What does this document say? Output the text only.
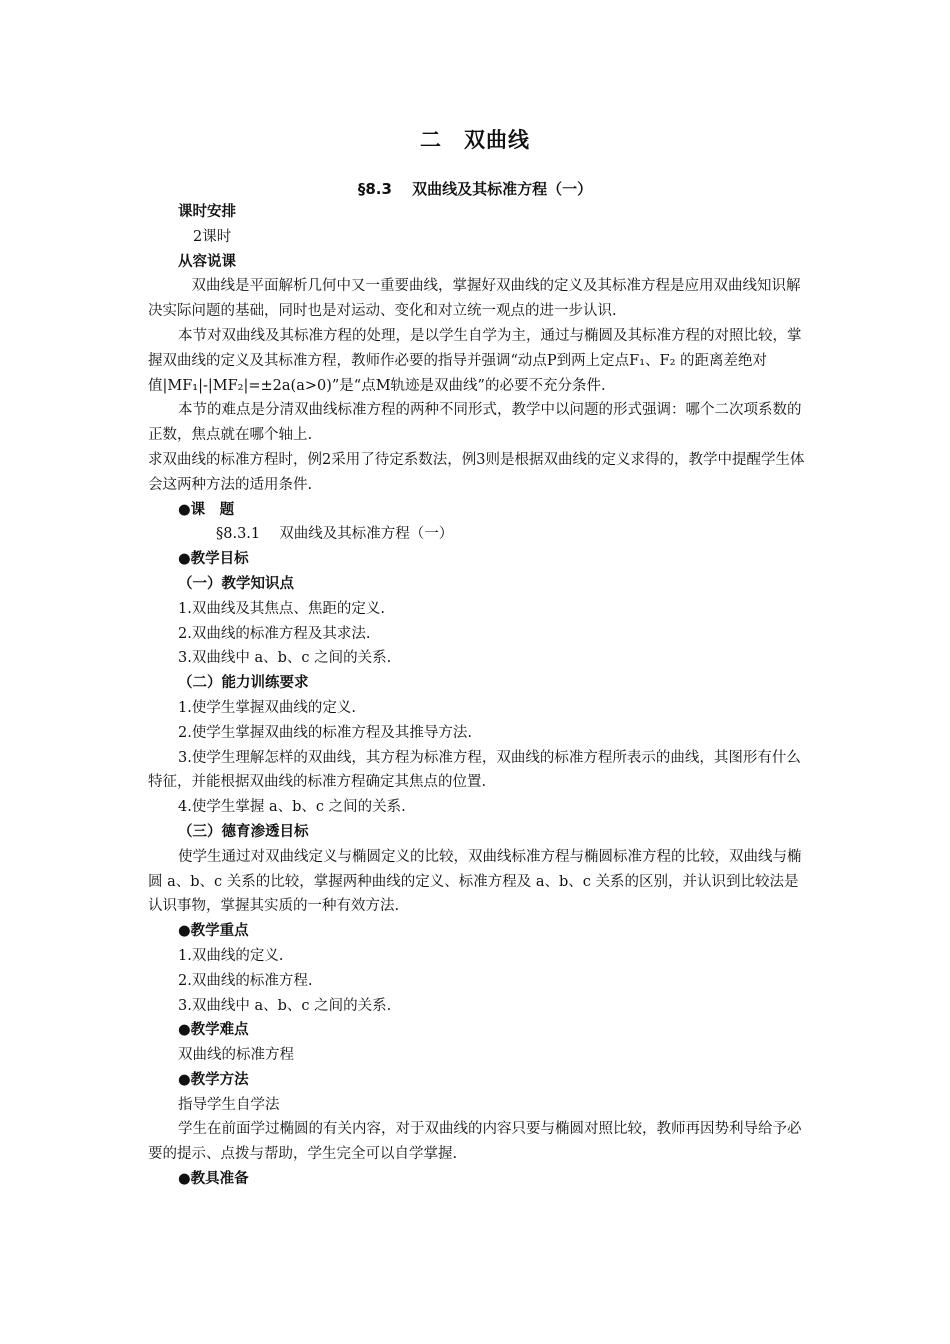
二　双曲线
§8.3　 双曲线及其标准方程（一）

课时安排

2课时

从容说课

　　　双曲线是平面解析几何中又一重要曲线，掌握好双曲线的定义及其标准方程是应用双曲线知识解决实际问题的基础，同时也是对运动、变化和对立统一观点的进一步认识.

本节对双曲线及其标准方程的处理，是以学生自学为主，通过与椭圆及其标准方程的对照比较，掌握双曲线的定义及其标准方程，教师作必要的指导并强调“动点P到两上定点F₁、F₂ 的距离差绝对值|MF₁|-|MF₂|=±2a(a>0)”是“点M轨迹是双曲线”的必要不充分条件.

本节的难点是分清双曲线标准方程的两种不同形式，教学中以问题的形式强调：哪个二次项系数的正数，焦点就在哪个轴上.

求双曲线的标准方程时，例2采用了待定系数法，例3则是根据双曲线的定义求得的，教学中提醒学生体会这两种方法的适用条件.

● 课　题

§8.3.1　 双曲线及其标准方程（一）

● 教学目标

（一）教学知识点

1.双曲线及其焦点、焦距的定义.

2.双曲线的标准方程及其求法.

3.双曲线中 a、b、c 之间的关系.

（二）能力训练要求

1.使学生掌握双曲线的定义.

2.使学生掌握双曲线的标准方程及其推导方法.

3.使学生理解怎样的双曲线，其方程为标准方程，双曲线的标准方程所表示的曲线，其图形有什么特征，并能根据双曲线的标准方程确定其焦点的位置.

4.使学生掌握 a、b、c 之间的关系.

（三）德育渗透目标

使学生通过对双曲线定义与椭圆定义的比较，双曲线标准方程与椭圆标准方程的比较，双曲线与椭圆 a、b、c 关系的比较，掌握两种曲线的定义、标准方程及 a、b、c 关系的区别，并认识到比较法是认识事物，掌握其实质的一种有效方法.

● 教学重点

1.双曲线的定义.

2.双曲线的标准方程.

3.双曲线中 a、b、c 之间的关系.

● 教学难点

双曲线的标准方程

● 教学方法

指导学生自学法

学生在前面学过椭圆的有关内容，对于双曲线的内容只要与椭圆对照比较，教师再因势利导给予必要的提示、点拨与帮助，学生完全可以自学掌握.

● 教具准备
